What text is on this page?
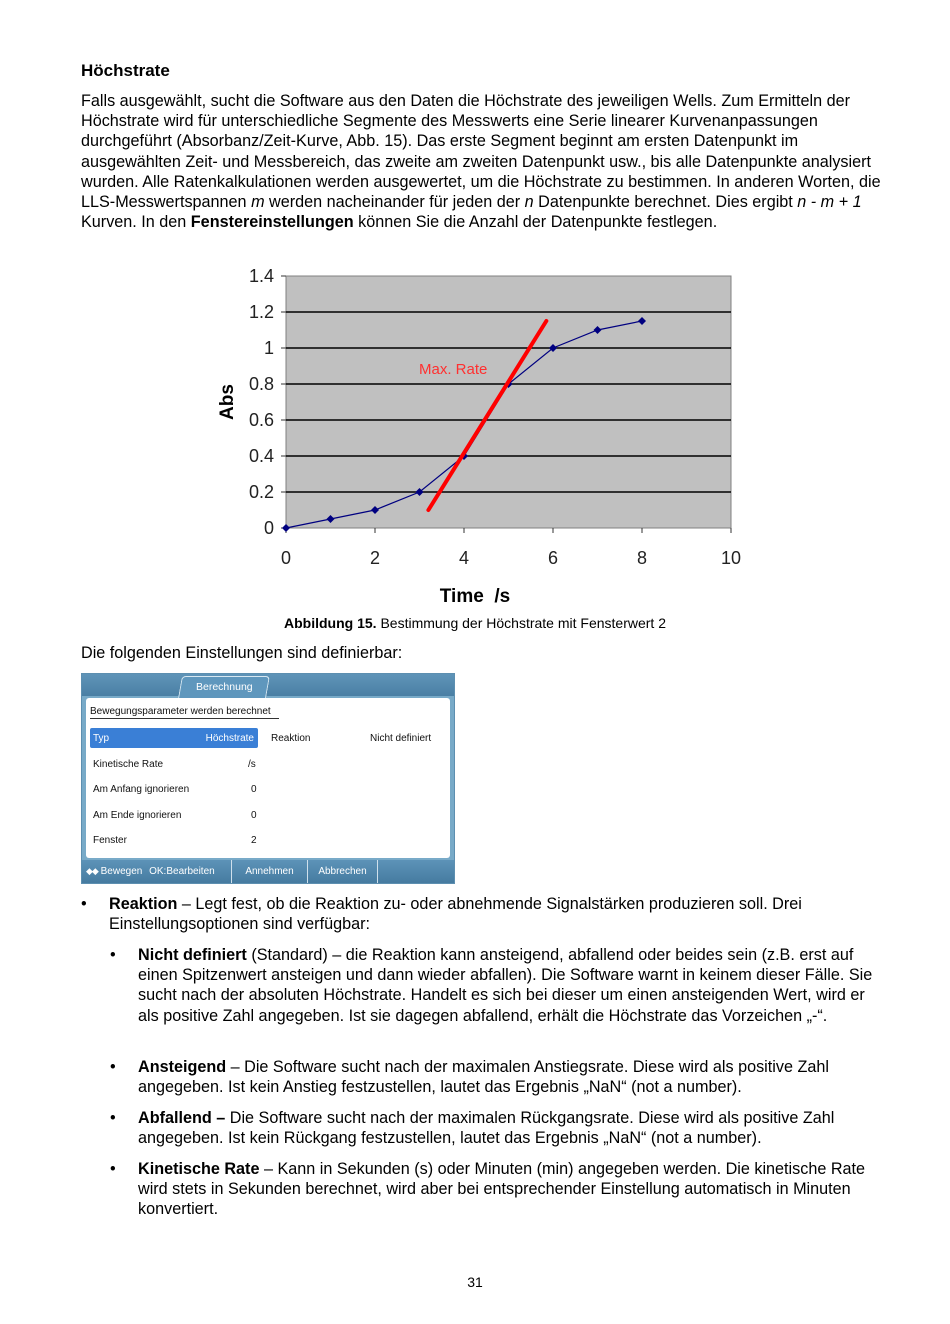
Höchstrate
Falls ausgewählt, sucht die Software aus den Daten die Höchstrate des jeweiligen Wells. Zum Ermitteln der Höchstrate wird für unterschiedliche Segmente des Messwerts eine Serie linearer Kurvenanpassungen durchgeführt (Absorbanz/Zeit-Kurve, Abb. 15). Das erste Segment beginnt am ersten Datenpunkt im ausgewählten Zeit- und Messbereich, das zweite am zweiten Datenpunkt usw., bis alle Datenpunkte analysiert wurden. Alle Ratenkalkulationen werden ausgewertet, um die Höchstrate zu bestimmen. In anderen Worten, die LLS-Messwertspannen m werden nacheinander für jeden der n Datenpunkte berechnet. Dies ergibt n - m + 1 Kurven. In den Fenstereinstellungen können Sie die Anzahl der Datenpunkte festlegen.
0
0.2
0.4
0.6
0.8
1
1.2
1.4
0	2	4	6	8	10
Max. Rate
Abs
Time  /s
Abbildung 15. Bestimmung der Höchstrate mit Fensterwert 2
Die folgenden Einstellungen sind definierbar:
Berechnung
Bewegungsparameter werden berechnet
Typ	Höchstrate Reaktion	Nicht definiert
Kinetische Rate	/s
Am Anfang ignorieren	0
Am Ende ignorieren	0
Fenster	2
◆◆ Bewegen OK:Bearbeiten	Annehmen	Abbrechen
• Reaktion – Legt fest, ob die Reaktion zu- oder abnehmende Signalstärken produzieren soll. Drei Einstellungsoptionen sind verfügbar:
• Nicht definiert (Standard) – die Reaktion kann ansteigend, abfallend oder beides sein (z.B. erst auf einen Spitzenwert ansteigen und dann wieder abfallen). Die Software warnt in keinem dieser Fälle. Sie sucht nach der absoluten Höchstrate. Handelt es sich bei dieser um einen ansteigenden Wert, wird er als positive Zahl angegeben. Ist sie dagegen abfallend, erhält die Höchstrate das Vorzeichen „-“.
• Ansteigend – Die Software sucht nach der maximalen Anstiegsrate. Diese wird als positive Zahl angegeben. Ist kein Anstieg festzustellen, lautet das Ergebnis „NaN“ (not a number).
• Abfallend – Die Software sucht nach der maximalen Rückgangsrate. Diese wird als positive Zahl angegeben. Ist kein Rückgang festzustellen, lautet das Ergebnis „NaN“ (not a number).
• Kinetische Rate – Kann in Sekunden (s) oder Minuten (min) angegeben werden. Die kinetische Rate wird stets in Sekunden berechnet, wird aber bei entsprechender Einstellung automatisch in Minuten konvertiert.
31
